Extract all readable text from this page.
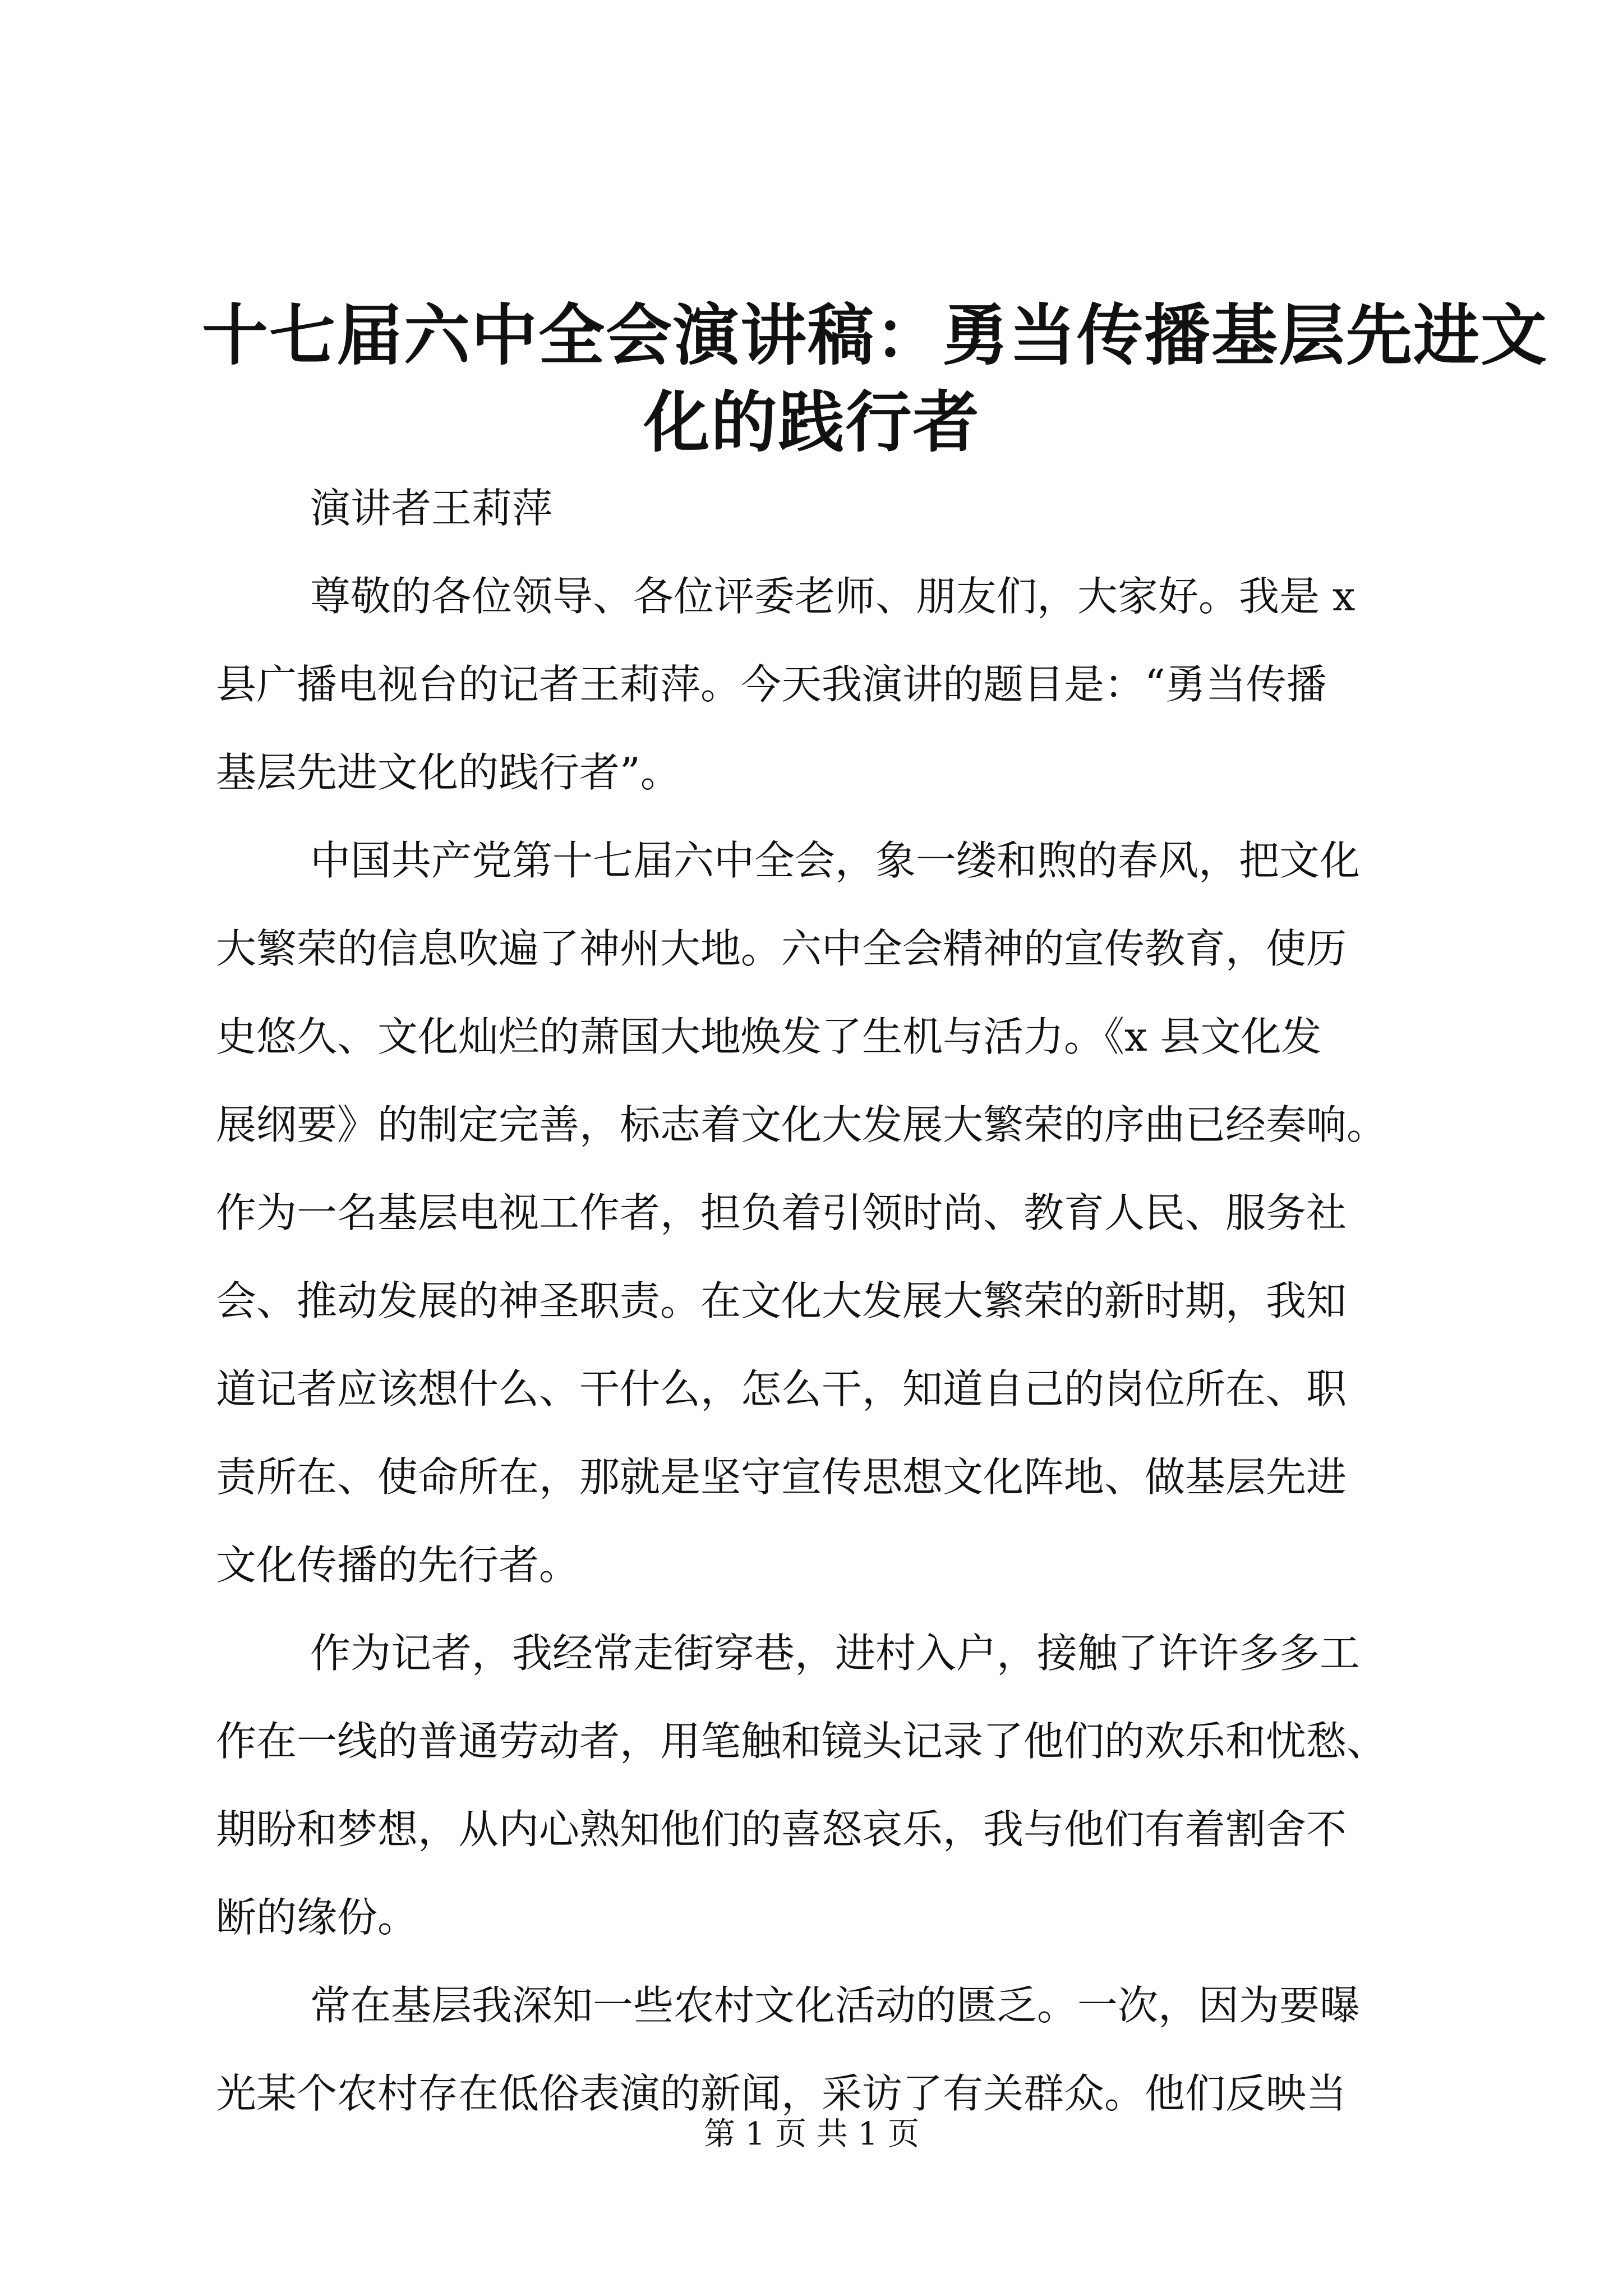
十七届六中全会演讲稿：勇当传播基层先进文
化的践行者

演讲者王莉萍

尊敬的各位领导、各位评委老师、朋友们，大家好。我是 x
县广播电视台的记者王莉萍。今天我演讲的题目是：“勇当传播
基层先进文化的践行者”。

中国共产党第十七届六中全会，象一缕和煦的春风，把文化
大繁荣的信息吹遍了神州大地。六中全会精神的宣传教育，使历
史悠久、文化灿烂的萧国大地焕发了生机与活力。《x 县文化发
展纲要》的制定完善，标志着文化大发展大繁荣的序曲已经奏响。
作为一名基层电视工作者，担负着引领时尚、教育人民、服务社
会、推动发展的神圣职责。在文化大发展大繁荣的新时期，我知
道记者应该想什么、干什么，怎么干，知道自己的岗位所在、职
责所在、使命所在，那就是坚守宣传思想文化阵地、做基层先进
文化传播的先行者。

作为记者，我经常走街穿巷，进村入户，接触了许许多多工
作在一线的普通劳动者，用笔触和镜头记录了他们的欢乐和忧愁、
期盼和梦想，从内心熟知他们的喜怒哀乐，我与他们有着割舍不
断的缘份。

常在基层我深知一些农村文化活动的匮乏。一次，因为要曝
光某个农村存在低俗表演的新闻，采访了有关群众。他们反映当

第 1 页 共 1 页
